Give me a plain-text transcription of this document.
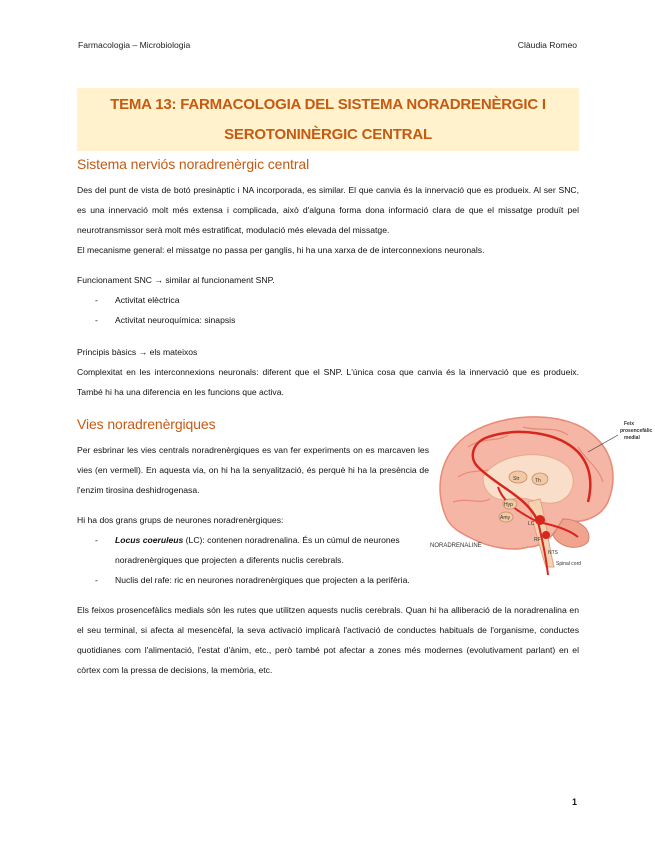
Farmacologia – Microbiologia	Clàudia Romeo
TEMA 13: FARMACOLOGIA DEL SISTEMA NORADRENÈRGIC I
SEROTONINÈRGIC CENTRAL
Sistema nerviós noradrenèrgic central

Des del punt de vista de botó presinàptic i NA incorporada, es similar. El que canvia és la innervació que es produeix. Al ser SNC, es una innervació molt més extensa i complicada, això d'alguna forma dona informació clara de que el missatge produït pel neurotransmissor serà molt més estratificat, modulació més elevada del missatge.

El mecanisme general: el missatge no passa per ganglis, hi ha una xarxa de de interconnexions neuronals.

Funcionament SNC → similar al funcionament SNP.
- Activitat elèctrica
- Activitat neuroquímica: sinapsis

Principis bàsics → els mateixos

Complexitat en les interconnexions neuronals: diferent que el SNP. L'única cosa que canvia és la innervació que es produeix. També hi ha una diferencia en les funcions que activa.

Vies noradrenèrgiques
Per esbrinar les vies centrals noradrenèrgiques es van fer experiments on es marcaven les vies (en vermell). En aquesta via, on hi ha la senyalització, és perquè hi ha la presència de l'enzim tirosina deshidrogenasa.
Hi ha dos grans grups de neurones noradrenèrgiques:
- Locus coeruleus (LC): contenen noradrenalina. És un cúmul de neurones noradrenèrgiques que projecten a diferents nuclis cerebrals.
- Nuclis del rafe: ric en neurones noradrenèrgiques que projecten a la perifèria.
Els feixos prosencefàlics medials són les rutes que utilitzen aquests nuclis cerebrals. Quan hi ha alliberació de la noradrenalina en el seu terminal, si afecta al mesencèfal, la seva activació implicarà l'activació de conductes habituals de l'organisme, conductes quotidianes com l'alimentació, l'estat d'ànim, etc., però també pot afectar a zones més modernes (evolutivament parlant) en el còrtex com la pressa de decisions, la memòria, etc.
Str	Th
Hyp
Amy
LC
RF
NORADRENALINE
NTS
Spinal cord
Feix
prosencefàlic
medial
1
